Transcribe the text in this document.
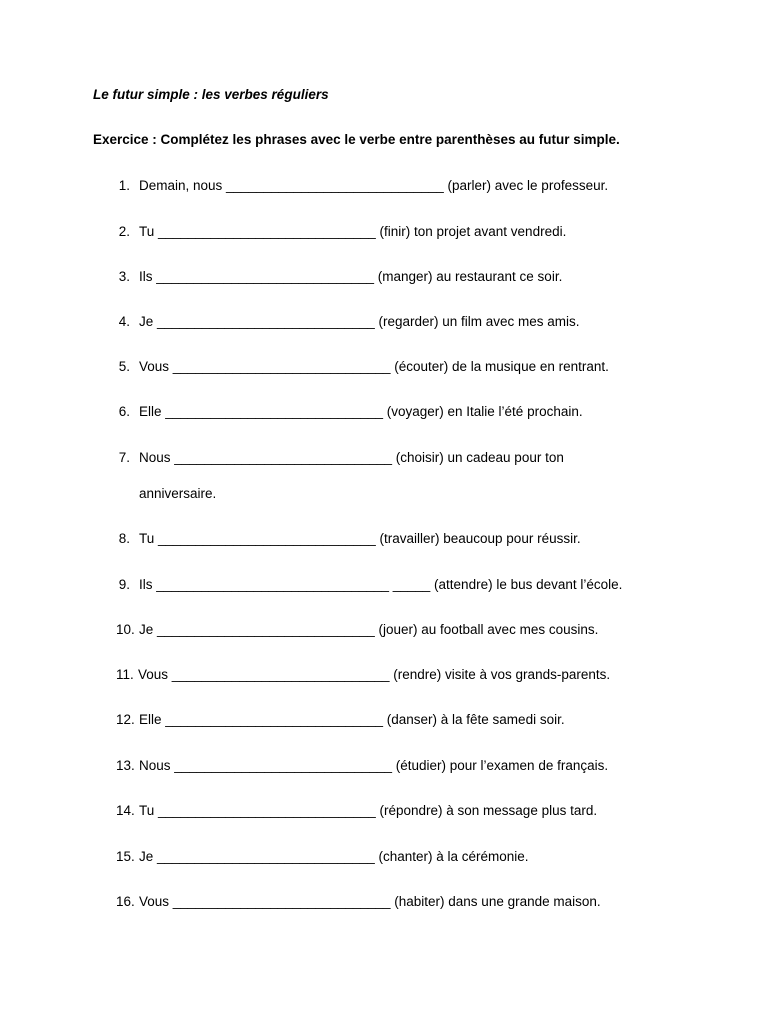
Le futur simple : les verbes réguliers
Exercice : Complétez les phrases avec le verbe entre parenthèses au futur simple.
1. Demain, nous _____________________________ (parler) avec le professeur.
2. Tu _____________________________ (finir) ton projet avant vendredi.
3. Ils _____________________________ (manger) au restaurant ce soir.
4. Je _____________________________ (regarder) un film avec mes amis.
5. Vous _____________________________ (écouter) de la musique en rentrant.
6. Elle _____________________________ (voyager) en Italie l’été prochain.
7. Nous _____________________________ (choisir) un cadeau pour ton
anniversaire.
8. Tu _____________________________ (travailler) beaucoup pour réussir.
9. Ils _______________________________ _____ (attendre) le bus devant l’école.
10. Je _____________________________ (jouer) au football avec mes cousins.
11. Vous _____________________________ (rendre) visite à vos grands-parents.
12. Elle _____________________________ (danser) à la fête samedi soir.
13. Nous _____________________________ (étudier) pour l’examen de français.
14. Tu _____________________________ (répondre) à son message plus tard.
15. Je _____________________________ (chanter) à la cérémonie.
16. Vous _____________________________ (habiter) dans une grande maison.
